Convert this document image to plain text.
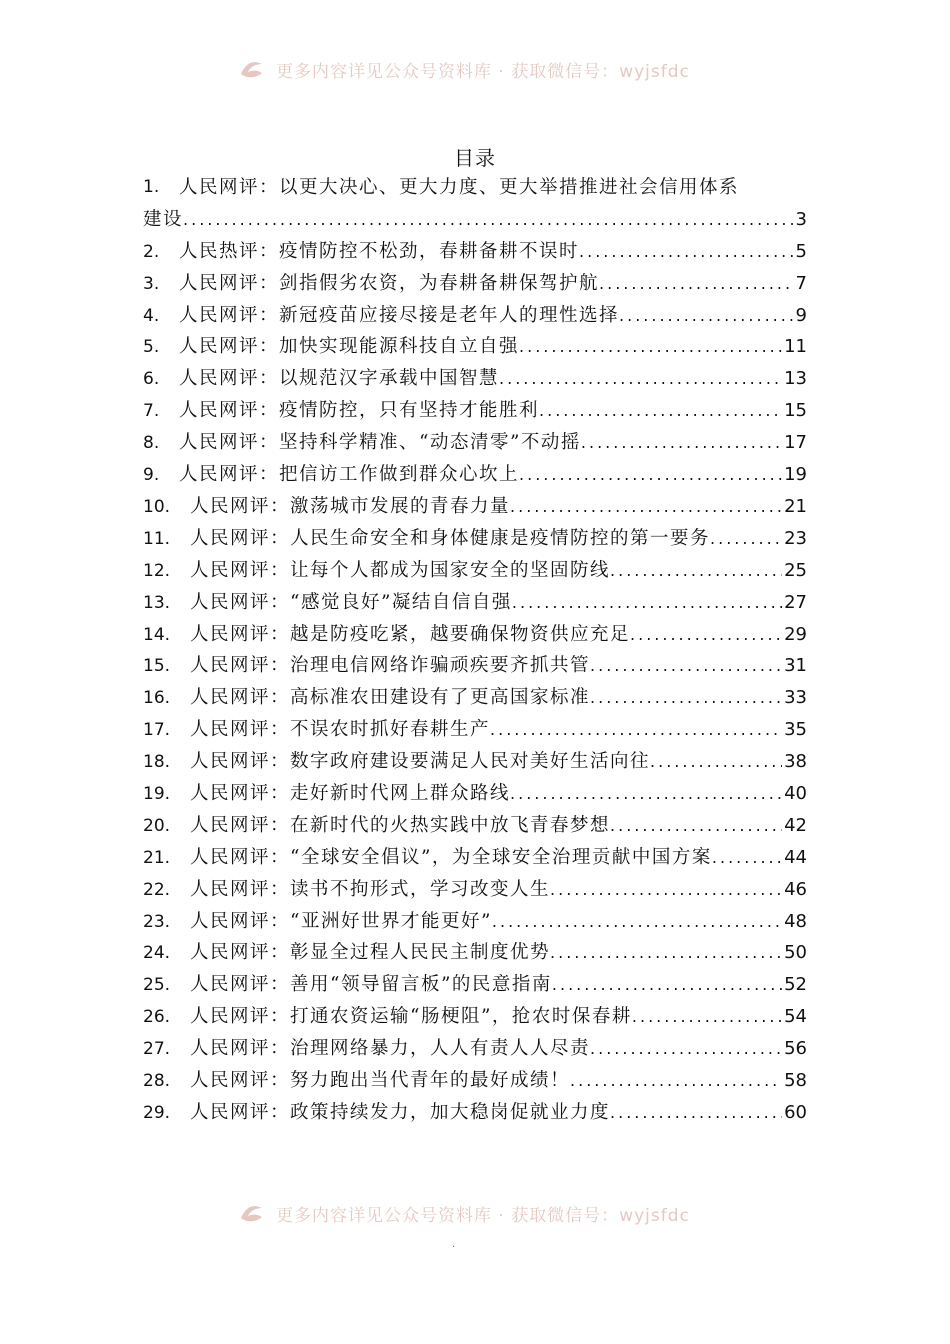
更多内容详见公众号资料库 · 获取微信号：wyjsfdc
目录
1.	人民网评：以更大决心、更大力度、更大举措推进社会信用体系
建设 .....	3
2.	人民热评：疫情防控不松劲，春耕备耕不误时 .....	5
3.	人民网评：剑指假劣农资，为春耕备耕保驾护航 .....	7
4.	人民网评：新冠疫苗应接尽接是老年人的理性选择 .....	9
5.	人民网评：加快实现能源科技自立自强 .....	11
6.	人民网评：以规范汉字承载中国智慧 .....	13
7.	人民网评：疫情防控，只有坚持才能胜利 .....	15
8.	人民网评：坚持科学精准、“动态清零”不动摇 .....	17
9.	人民网评：把信访工作做到群众心坎上 .....	19
10.	人民网评：激荡城市发展的青春力量 .....	21
11.	人民网评：人民生命安全和身体健康是疫情防控的第一要务 .....	23
12.	人民网评：让每个人都成为国家安全的坚固防线 .....	25
13.	人民网评：“感觉良好”凝结自信自强 .....	27
14.	人民网评：越是防疫吃紧，越要确保物资供应充足 .....	29
15.	人民网评：治理电信网络诈骗顽疾要齐抓共管 .....	31
16.	人民网评：高标准农田建设有了更高国家标准 .....	33
17.	人民网评：不误农时抓好春耕生产 .....	35
18.	人民网评：数字政府建设要满足人民对美好生活向往 .....	38
19.	人民网评：走好新时代网上群众路线 .....	40
20.	人民网评：在新时代的火热实践中放飞青春梦想 .....	42
21.	人民网评：“全球安全倡议”，为全球安全治理贡献中国方案 .....	44
22.	人民网评：读书不拘形式，学习改变人生 .....	46
23.	人民网评：“亚洲好世界才能更好” .....	48
24.	人民网评：彰显全过程人民民主制度优势 .....	50
25.	人民网评：善用“领导留言板”的民意指南 .....	52
26.	人民网评：打通农资运输“肠梗阻”，抢农时保春耕 .....	54
27.	人民网评：治理网络暴力，人人有责人人尽责 .....	56
28.	人民网评：努力跑出当代青年的最好成绩！ .....	58
29.	人民网评：政策持续发力，加大稳岗促就业力度 .....	60
更多内容详见公众号资料库 · 获取微信号：wyjsfdc
·
